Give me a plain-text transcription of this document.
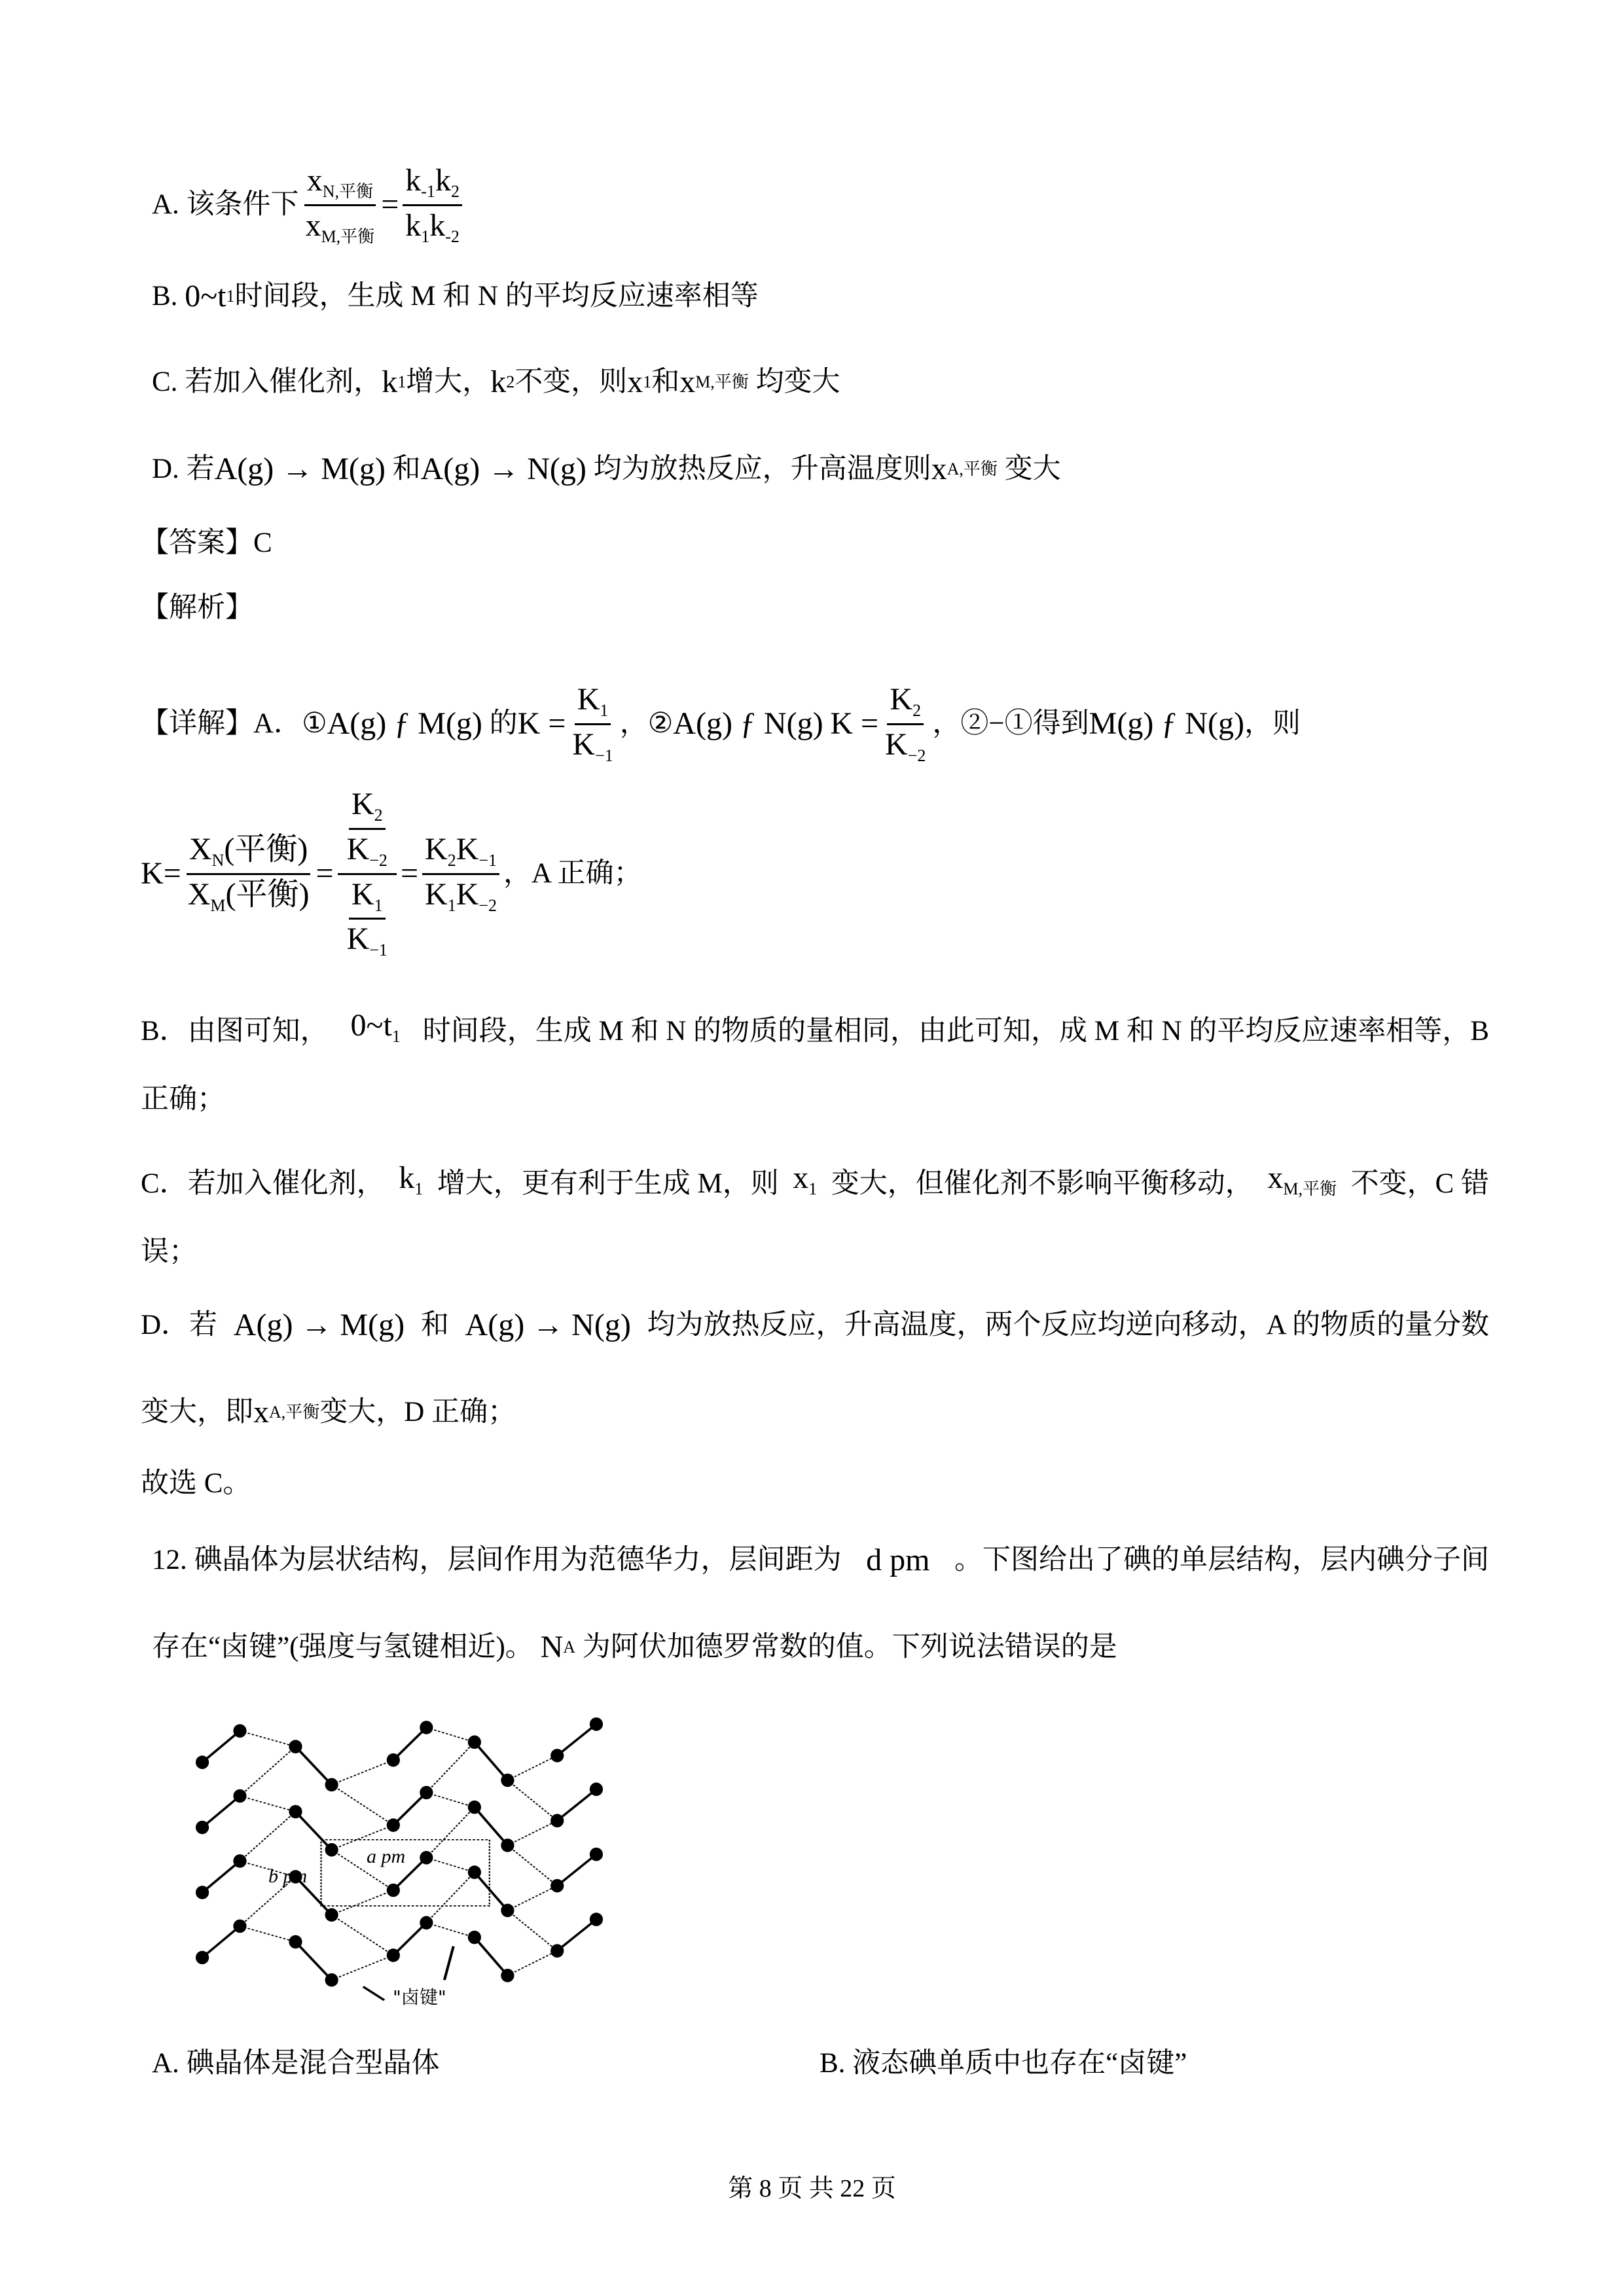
A.
该条件下 $\frac{x_{N,平衡}}{x_{M,平衡}} = \frac{k_{-1}k_2}{k_1k_{-2}}$
B.
0~t 1 时间段，生成 M 和 N 的平均反应速率相等
C.
若加入催化剂， k 1 增大， k 2 不变，则 x 1 和 x M,平衡
均变大
D.
若 A(g) → M(g)
和 A(g) → N(g)
均为放热反应，升高温度则 x A,平衡
变大
【答案】C
【解析】
【详解】A． ① A(g) ƒ M(g)
的 $K = \frac{K_1}{K_{-1}}$ ， ② A(g) ƒ N(g)
$K = \frac{K_2}{K_{-2}}$ ，②−①得到 M(g) ƒ N(g) ，则
$K= \frac{X_N(平衡)}{X_M(平衡)} = \frac{\frac{K_2}{K_{-2}}}{\frac{K_1}{K_{-1}}} = \frac{K_2K_{-1}}{K_1K_{-2}}$ ，A 正确；
B．由图可知， $0\sim t_1$ 时间段，生成 M 和 N 的物质的量相同，由此可知，成 M 和 N 的平均反应速率相等，B
正确；
C．若加入催化剂， $k_1$ 增大，更有利于生成 M，则 $x_1$ 变大，但催化剂不影响平衡移动， $x_{M,平衡}$ 不变，C 错
误；
D．若 A(g) → M(g) 和 A(g) → N(g) 均为放热反应，升高温度，两个反应均逆向移动，A 的物质的量分数
变大，即 x A,平衡 变大，D 正确；
故选 C。
12. 碘晶体为层状结构，层间作用为范德华力，层间距为 d pm 。下图给出了碘的单层结构，层内碘分子间
存在“卤键”(强度与氢键相近)。
N A
为阿伏加德罗常数的值。下列说法错误的是
b pm
a pm
"卤键"
A. 碘晶体是混合型晶体	B. 液态碘单质中也存在“卤键”
第 8 页 共 22 页
